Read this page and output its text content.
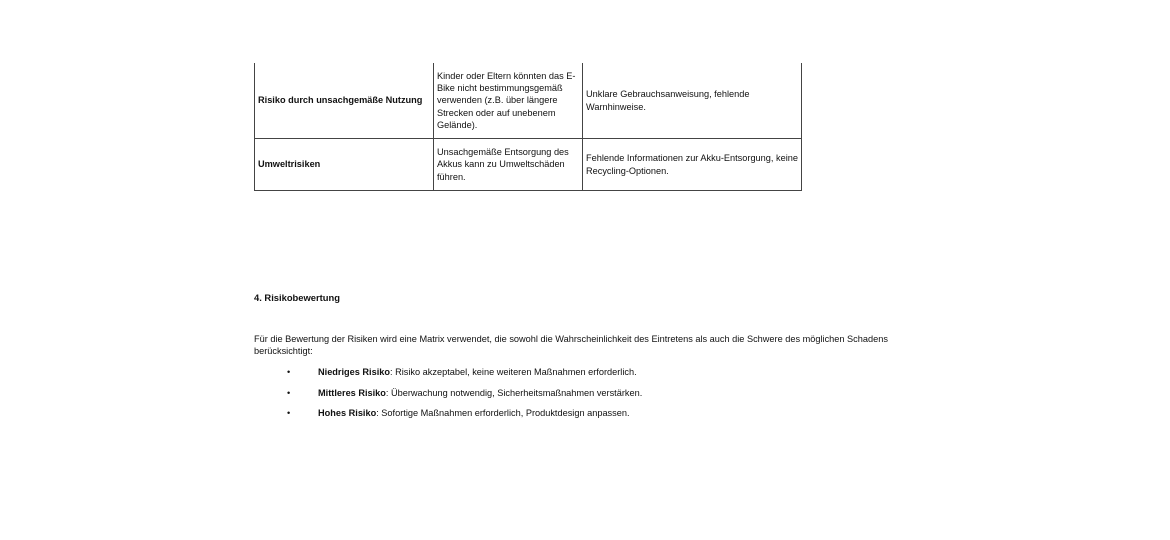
Risiko durch unsachgemäße Nutzung	Kinder oder Eltern könnten das E-Bike nicht bestimmungsgemäß verwenden (z.B. über längere Strecken oder auf unebenem Gelände).	Unklare Gebrauchsanweisung, fehlende Warnhinweise.
Umweltrisiken	Unsachgemäße Entsorgung des Akkus kann zu Umweltschäden führen.	Fehlende Informationen zur Akku-Entsorgung, keine Recycling-Optionen.
4. Risikobewertung

Für die Bewertung der Risiken wird eine Matrix verwendet, die sowohl die Wahrscheinlichkeit des Eintretens als auch die Schwere des möglichen Schadens berücksichtigt:

•	Niedriges Risiko: Risiko akzeptabel, keine weiteren Maßnahmen erforderlich.
•	Mittleres Risiko: Überwachung notwendig, Sicherheitsmaßnahmen verstärken.
•	Hohes Risiko: Sofortige Maßnahmen erforderlich, Produktdesign anpassen.
